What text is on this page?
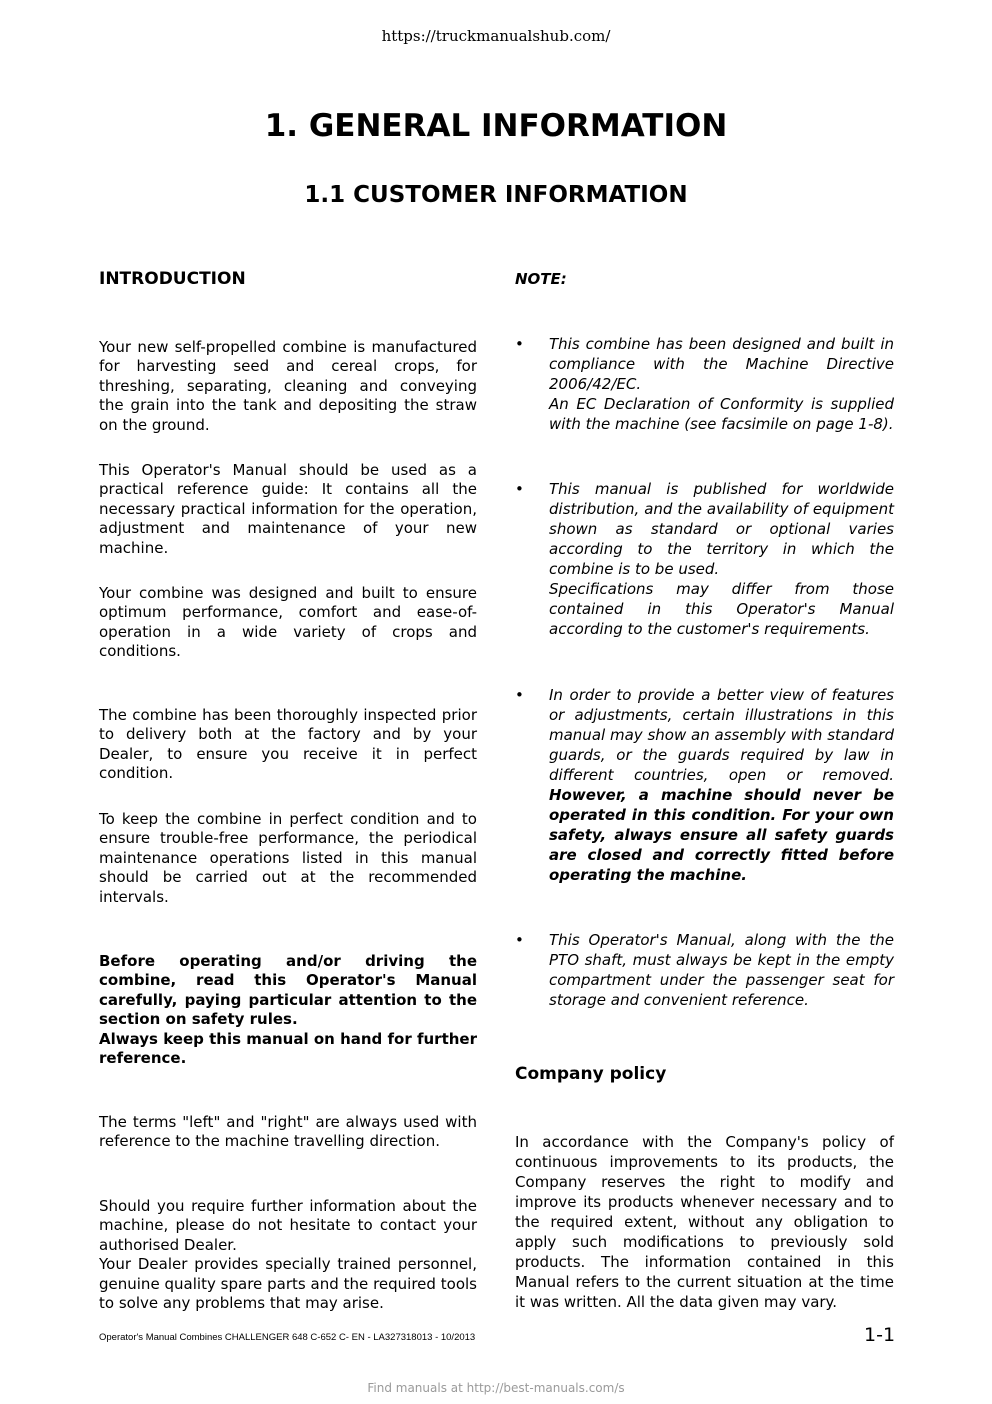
https://truckmanualshub.com/
1. GENERAL INFORMATION
1.1 CUSTOMER INFORMATION
INTRODUCTION

Your new self-propelled combine is manufactured for harvesting seed and cereal crops, for threshing, separating, cleaning and conveying the grain into the tank and depositing the straw on the ground.

This Operator's Manual should be used as a practical reference guide: It contains all the necessary practical information for the operation, adjustment and maintenance of your new machine.

Your combine was designed and built to ensure optimum performance, comfort and ease-of-operation in a wide variety of crops and conditions.

The combine has been thoroughly inspected prior to delivery both at the factory and by your Dealer, to ensure you receive it in perfect condition.

To keep the combine in perfect condition and to ensure trouble-free performance, the periodical maintenance operations listed in this manual should be carried out at the recommended intervals.

Before operating and/or driving the combine, read this Operator's Manual carefully, paying particular attention to the section on safety rules.

Always keep this manual on hand for further reference.

The terms "left" and "right" are always used with reference to the machine travelling direction.

Should you require further information about the machine, please do not hesitate to contact your authorised Dealer.

Your Dealer provides specially trained personnel, genuine quality spare parts and the required tools to solve any problems that may arise.

NOTE:
• This combine has been designed and built in compliance with the Machine Directive 2006/42/EC.

An EC Declaration of Conformity is supplied with the machine (see facsimile on page 1-8).

• This manual is published for worldwide distribution, and the availability of equipment shown as standard or optional varies according to the territory in which the combine is to be used.

Specifications may differ from those contained in this Operator's Manual according to the customer's requirements.

• In order to provide a better view of features or adjustments, certain illustrations in this manual may show an assembly with standard guards, or the guards required by law in different countries, open or removed. However, a machine should never be operated in this condition. For your own safety, always ensure all safety guards are closed and correctly fitted before operating the machine.

• This Operator's Manual, along with the the PTO shaft, must always be kept in the empty compartment under the passenger seat for storage and convenient reference.

Company policy

In accordance with the Company's policy of continuous improvements to its products, the Company reserves the right to modify and improve its products whenever necessary and to the required extent, without any obligation to apply such modifications to previously sold products. The information contained in this Manual refers to the current situation at the time it was written. All the data given may vary.

Operator's Manual Combines CHALLENGER 648 C-652 C- EN - LA327318013 - 10/2013	1-1
Find manuals at http://best-manuals.com/s
